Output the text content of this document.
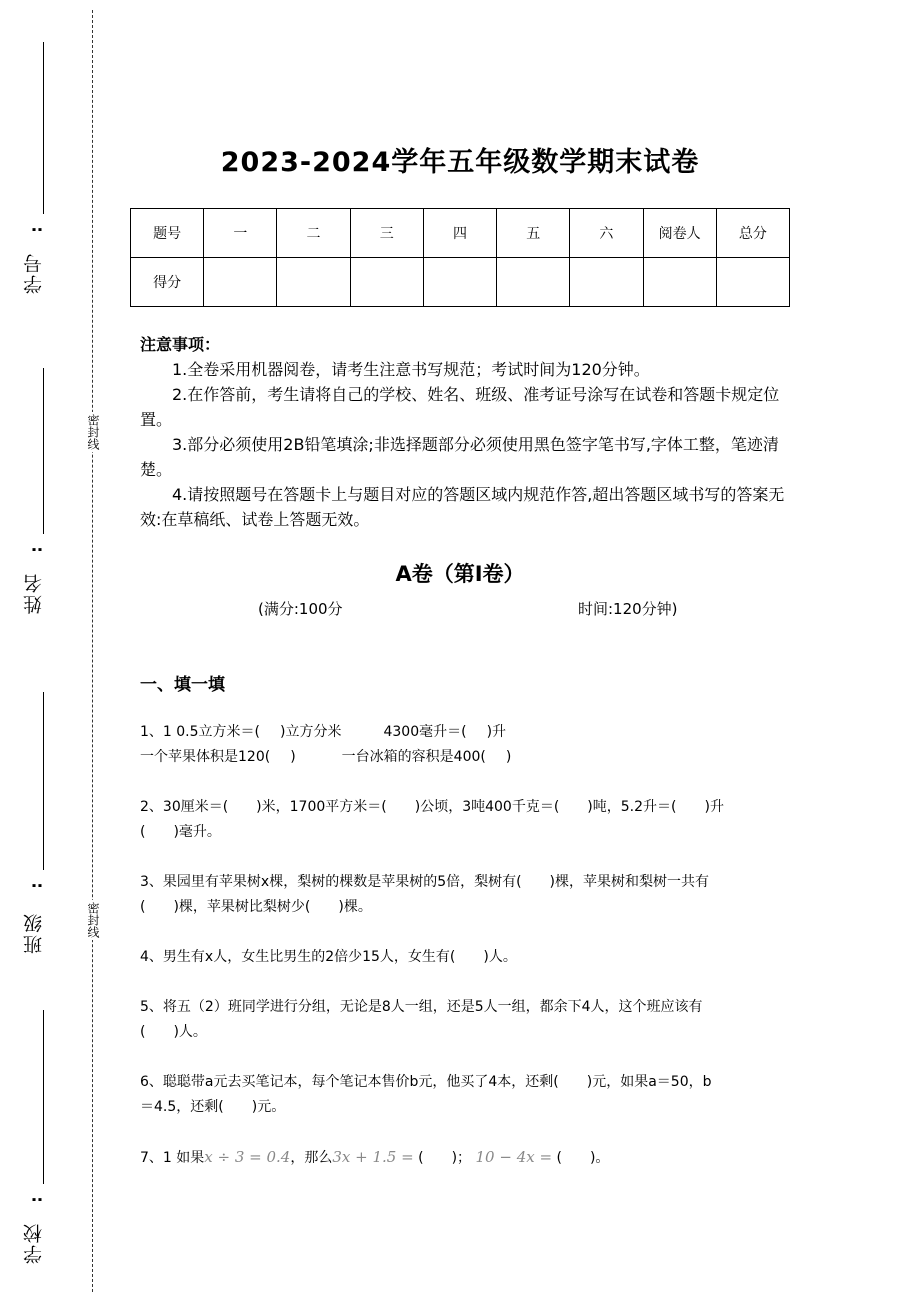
密封线
密封线
学号
:
姓名
:
班级
:
学校
:
2023-2024学年五年级数学期末试卷
题号	一	二	三	四	五	六	阅卷人	总分
得分								
注意事项：

1.全卷采用机器阅卷，请考生注意书写规范；考试时间为120分钟。

2.在作答前，考生请将自己的学校、姓名、班级、准考证号涂写在试卷和答题卡规定位置。

3.部分必须使用2B铅笔填涂;非选择题部分必须使用黑色签字笔书写,字体工整，笔迹清楚。

4.请按照题号在答题卡上与题目对应的答题区域内规范作答,超出答题区域书写的答案无效:在草稿纸、试卷上答题无效。

A卷（第I卷）
(满分:100分	时间:120分钟)
一、填一填
1、1 0.5立方米＝( )立方分米	4300毫升＝( )升
一个苹果体积是120( )	一台冰箱的容积是400( )
2、30厘米＝(　　)米，1700平方米＝(　　)公顷，3吨400千克＝(　　)吨，5.2升＝(　　)升
(　　)毫升。
3、果园里有苹果树x棵，梨树的棵数是苹果树的5倍，梨树有(　　)棵，苹果树和梨树一共有
(　　)棵，苹果树比梨树少(　　)棵。
4、男生有x人，女生比男生的2倍少15人，女生有(　　)人。
5、将五（2）班同学进行分组，无论是8人一组，还是5人一组，都余下4人，这个班应该有
(　　)人。
6、聪聪带a元去买笔记本，每个笔记本售价b元，他买了4本，还剩(　　)元，如果a＝50，b
＝4.5，还剩(　　)元。
7、1 如果x ÷ 3 = 0.4，那么3x + 1.5 = (　　)； 10 − 4x = (　　)。
